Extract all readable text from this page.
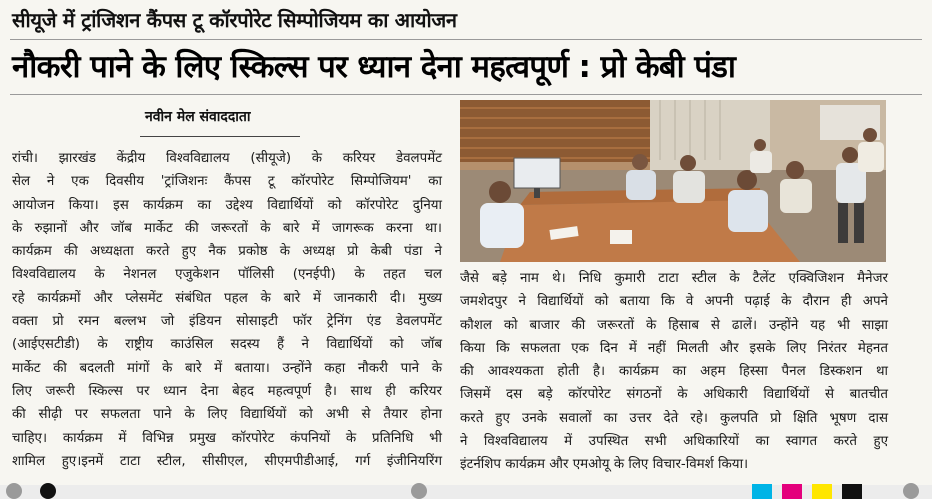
सीयूजे में ट्रांजिशन कैंपस टू कॉरपोरेट सिम्पोजियम का आयोजन
नौकरी पाने के लिए स्किल्स पर ध्यान देना महत्वपूर्ण : प्रो केबी पंडा
नवीन मेल संवाददाता
रांची। झारखंड केंद्रीय विश्वविद्यालय (सीयूजे) के करियर डेवलपमेंट
सेल ने एक दिवसीय 'ट्रांजिशनः कैंपस टू कॉरपोरेट सिम्पोजियम' का
आयोजन किया। इस कार्यक्रम का उद्देश्य विद्यार्थियों को कॉरपोरेट दुनिया
के रुझानों और जॉब मार्केट की जरूरतों के बारे में जागरूक करना था।
कार्यक्रम की अध्यक्षता करते हुए नैक प्रकोष्ठ के अध्यक्ष प्रो केबी पंडा ने
विश्वविद्यालय के नेशनल एजुकेशन पॉलिसी (एनईपी) के तहत चल
रहे कार्यक्रमों और प्लेसमेंट संबंधित पहल के बारे में जानकारी दी। मुख्य
वक्ता प्रो रमन बल्लभ जो इंडियन सोसाइटी फॉर ट्रेनिंग एंड डेवलपमेंट
(आईएसटीडी) के राष्ट्रीय काउंसिल सदस्य हैं ने विद्यार्थियों को जॉब
मार्केट की बदलती मांगों के बारे में बताया। उन्होंने कहा नौकरी पाने के
लिए जरूरी स्किल्स पर ध्यान देना बेहद महत्वपूर्ण है। साथ ही करियर
की सीढ़ी पर सफलता पाने के लिए विद्यार्थियों को अभी से तैयार होना
चाहिए। कार्यक्रम में विभिन्न प्रमुख कॉरपोरेट कंपनियों के प्रतिनिधि भी
शामिल हुए।इनमें टाटा स्टील, सीसीएल, सीएमपीडीआई, गर्ग इंजीनियरिंग
जैसे बड़े नाम थे। निधि कुमारी टाटा स्टील के टैलेंट एक्विजिशन मैनेजर
जमशेदपुर ने विद्यार्थियों को बताया कि वे अपनी पढ़ाई के दौरान ही अपने
कौशल को बाजार की जरूरतों के हिसाब से ढालें। उन्होंने यह भी साझा
किया कि सफलता एक दिन में नहीं मिलती और इसके लिए निरंतर मेहनत
की आवश्यकता होती है। कार्यक्रम का अहम हिस्सा पैनल डिस्कशन था
जिसमें दस बड़े कॉरपोरेट संगठनों के अधिकारी विद्यार्थियों से बातचीत
करते हुए उनके सवालों का उत्तर देते रहे। कुलपति प्रो क्षिति भूषण दास
ने विश्वविद्यालय में उपस्थित सभी अधिकारियों का स्वागत करते हुए
इंटर्नशिप कार्यक्रम और एमओयू के लिए विचार-विमर्श किया।
